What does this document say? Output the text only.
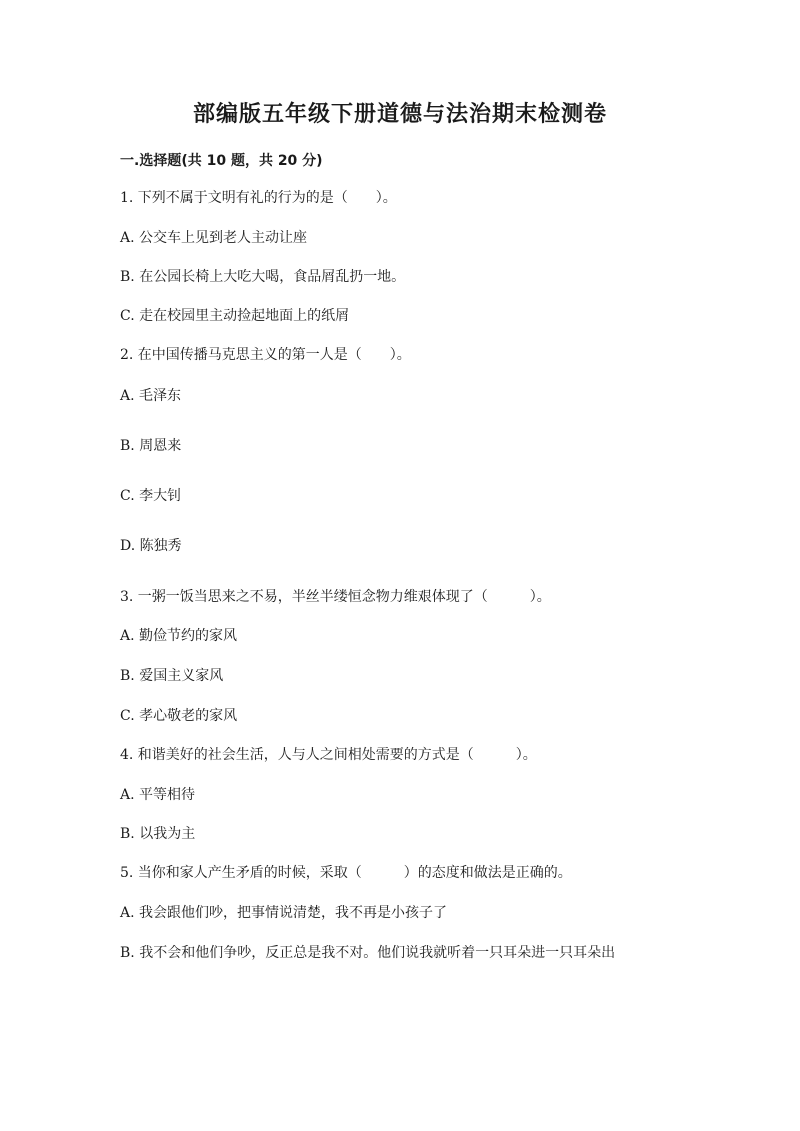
部编版五年级下册道德与法治期末检测卷
一.选择题(共 10 题，共 20 分)

1. 下列不属于文明有礼的行为的是（　　）。

A. 公交车上见到老人主动让座

B. 在公园长椅上大吃大喝，食品屑乱扔一地。

C. 走在校园里主动捡起地面上的纸屑

2. 在中国传播马克思主义的第一人是（　　）。

A. 毛泽东

B. 周恩来

C. 李大钊

D. 陈独秀

3. 一粥一饭当思来之不易，半丝半缕恒念物力维艰体现了（　　　）。

A. 勤俭节约的家风

B. 爱国主义家风

C. 孝心敬老的家风

4. 和谐美好的社会生活，人与人之间相处需要的方式是（　　　）。

A. 平等相待

B. 以我为主

5. 当你和家人产生矛盾的时候，采取（　　　）的态度和做法是正确的。

A. 我会跟他们吵，把事情说清楚，我不再是小孩子了

B. 我不会和他们争吵，反正总是我不对。他们说我就听着一只耳朵进一只耳朵出
